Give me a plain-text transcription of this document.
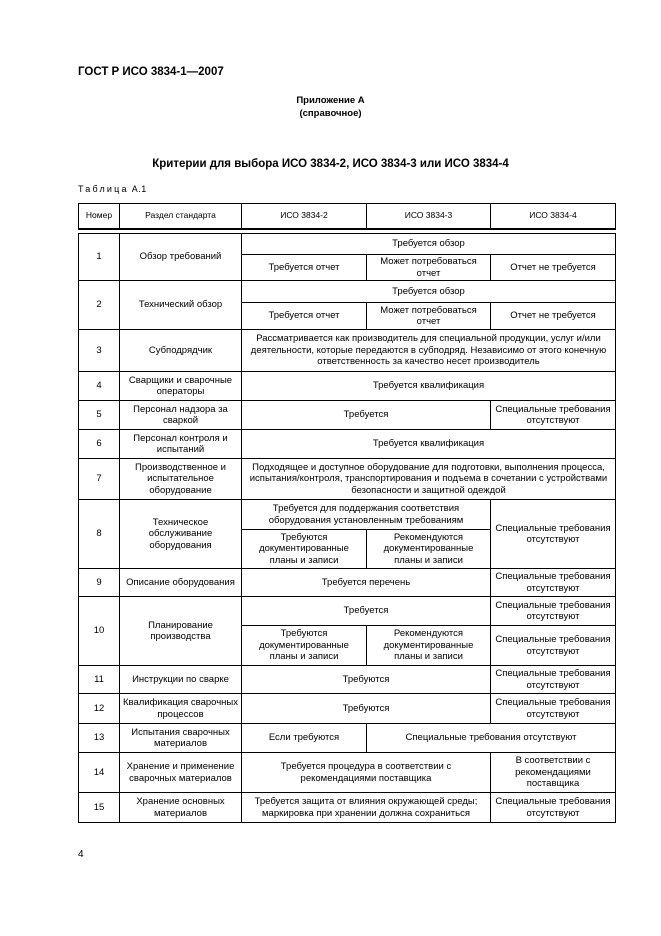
ГОСТ Р ИСО 3834-1—2007
Приложение А
(справочное)
Критерии для выбора ИСО 3834-2, ИСО 3834-3 или ИСО 3834-4
Таблица А.1
Номер	Раздел стандарта	ИСО 3834-2	ИСО 3834-3	ИСО 3834-4

1	Обзор требований	Требуется обзор		
		Требуется отчет	Может потребоваться отчет	Отчет не требуется
2	Технический обзор	Требуется обзор		
		Требуется отчет	Может потребоваться отчет	Отчет не требуется
3	Субподрядчик	Рассматривается как производитель для специальной продукции, услуг и/или деятельности, которые передаются в субподряд. Независимо от этого конечную ответственность за качество несет производитель		
4	Сварщики и сварочные операторы	Требуется квалификация		
5	Персонал надзора за сваркой	Требуется		Специальные требования отсутствуют
6	Персонал контроля и испытаний	Требуется квалификация		
7	Производственное и испытательное оборудование	Подходящее и доступное оборудование для подготовки, выполнения процесса, испытания/контроля, транспортирования и подъема в сочетании с устройствами безопасности и защитной одеждой		
8	Техническое обслуживание оборудования	Требуется для поддержания соответствия оборудования установленным требованиям		Специальные требования отсутствуют
		Требуются документированные планы и записи	Рекомендуются документированные планы и записи	
9	Описание оборудования	Требуется перечень		Специальные требования отсутствуют
10	Планирование производства	Требуется		Специальные требования отсутствуют
		Требуются документированные планы и записи	Рекомендуются документированные планы и записи	Специальные требования отсутствуют
11	Инструкции по сварке	Требуются		Специальные требования отсутствуют
12	Квалификация сварочных процессов	Требуются		Специальные требования отсутствуют
13	Испытания сварочных материалов	Если требуются	Специальные требования отсутствуют	
14	Хранение и применение сварочных материалов	Требуется процедура в соответствии с рекомендациями поставщика		В соответствии с рекомендациями поставщика
15	Хранение основных материалов	Требуется защита от влияния окружающей среды; маркировка при хранении должна сохраниться		Специальные требования отсутствуют
4
